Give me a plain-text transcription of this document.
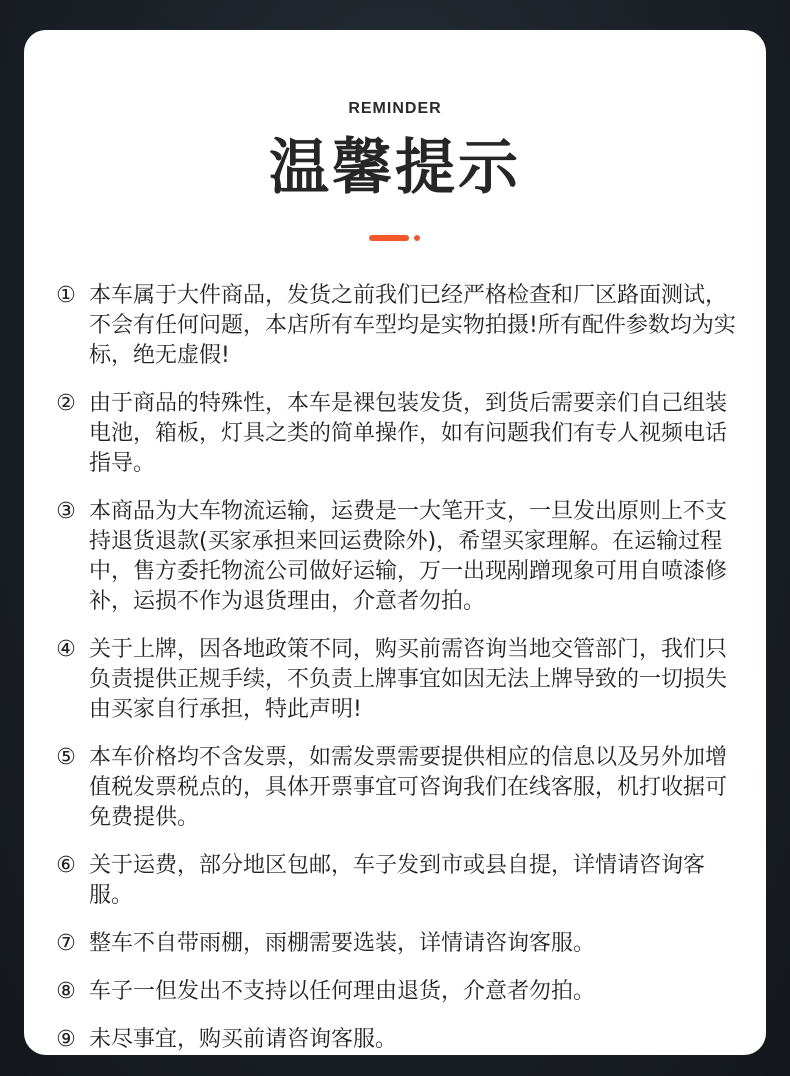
REMINDER
温馨提示
① 本车属于大件商品，发货之前我们已经严格检查和厂区路面测试，不会有任何问题，本店所有车型均是实物拍摄!所有配件参数均为实标，绝无虚假!
② 由于商品的特殊性，本车是裸包装发货，到货后需要亲们自己组装电池，箱板，灯具之类的简单操作，如有问题我们有专人视频电话指导。
③ 本商品为大车物流运输，运费是一大笔开支，一旦发出原则上不支持退货退款(买家承担来回运费除外)，希望买家理解。在运输过程中，售方委托物流公司做好运输，万一出现剐蹭现象可用自喷漆修补，运损不作为退货理由，介意者勿拍。
④ 关于上牌，因各地政策不同，购买前需咨询当地交管部门，我们只负责提供正规手续，不负责上牌事宜如因无法上牌导致的一切损失由买家自行承担，特此声明!
⑤ 本车价格均不含发票，如需发票需要提供相应的信息以及另外加增值税发票税点的，具体开票事宜可咨询我们在线客服，机打收据可免费提供。
⑥ 关于运费，部分地区包邮，车子发到市或县自提，详情请咨询客服。
⑦ 整车不自带雨棚，雨棚需要选装，详情请咨询客服。
⑧ 车子一但发出不支持以任何理由退货，介意者勿拍。
⑨ 未尽事宜，购买前请咨询客服。
